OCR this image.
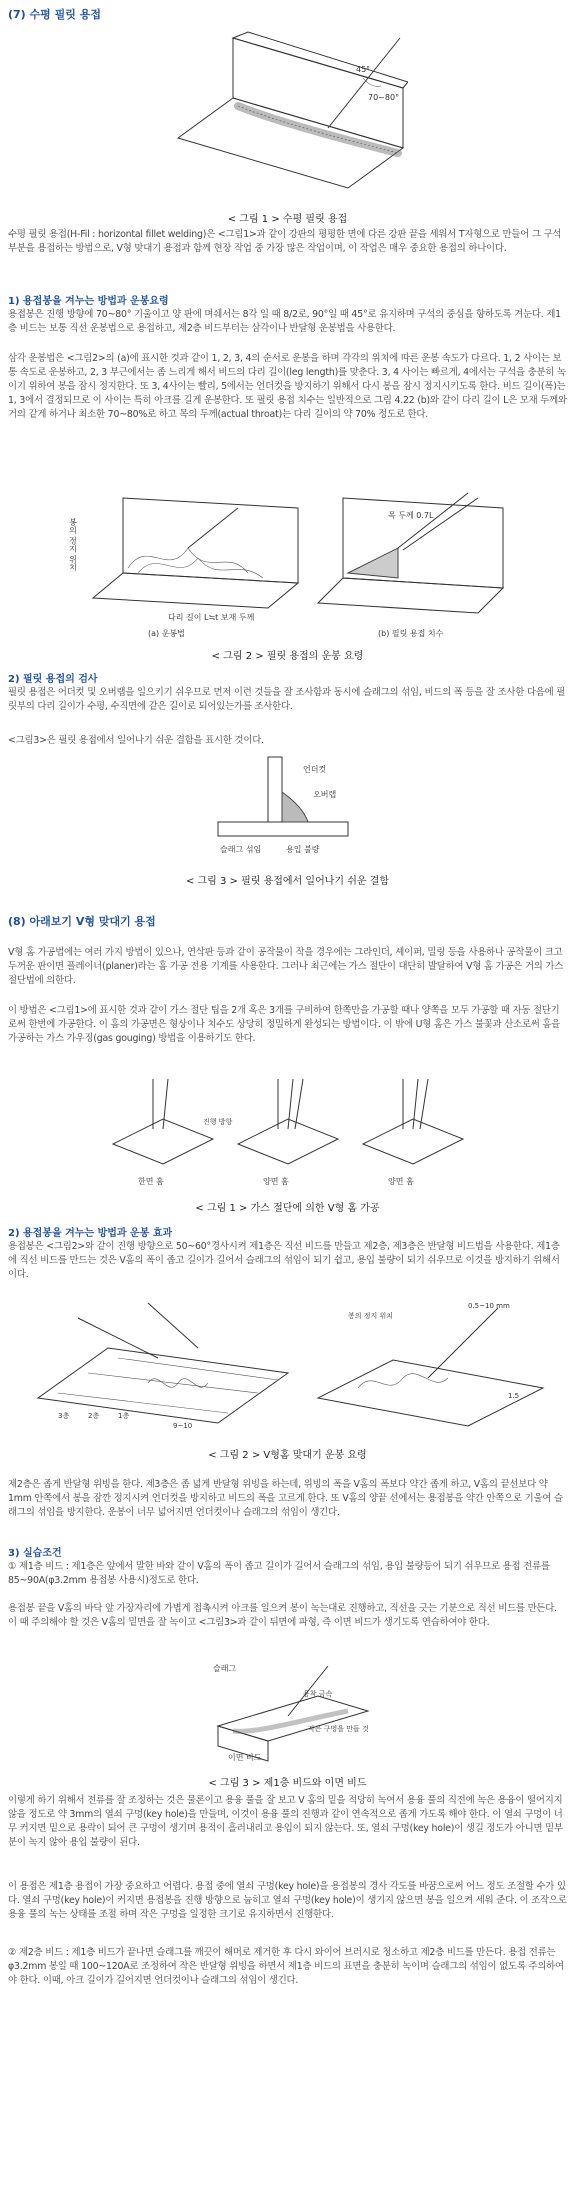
(7) 수평 필릿 용접
45°
70~80°

< 그림 1 > 수평 필릿 용접

수평 필릿 용접(H-Fil : horizontal fillet welding)은 <그림1>과 같이 강판의 평평한 면에 다른 강판 끝을 세워서 T자형으로 만들어 그 구석 부분을 용접하는 방법으로, V형 맞대기 용접과 함께 현장 작업 중 가장 많은 작업이며, 이 작업은 매우 중요한 용접의 하나이다.

1) 용접봉을 겨누는 방법과 운봉요령

용접봉은 진행 방향에 70~80° 기울이고 양 판에 며쉐서는 8각 일 때 8/2로, 90°일 때 45°로 유지하며 구석의 중심을 향하도록 겨눈다. 제1층 비드는 보통 직선 운봉법으로 용접하고, 제2층 비드부터는 삼각이나 반달형 운봉법을 사용한다.

삼각 운봉법은 <그림2>의 (a)에 표시한 것과 같이 1, 2, 3, 4의 순서로 운봉을 하며 각각의 위치에 따른 운봉 속도가 다르다. 1, 2 사이는 보통 속도로 운봉하고, 2, 3 부근에서는 좀 느리게 해서 비드의 다리 길이(leg length)를 맞춘다. 3, 4 사이는 빠르게, 4에서는 구석을 충분히 녹이기 위하여 봉을 잠시 정지한다. 또 3, 4사이는 빨리, 5에서는 언더컷을 방지하기 위해서 다시 봉을 잠시 정지시키도록 한다. 비드 길이(폭)는 1, 3에서 결정되므로 이 사이는 특히 아크를 길게 운봉한다. 또 필릿 용접 치수는 일반적으로 그림 4.22 (b)와 같이 다리 길이 L은 모재 두께와 거의 같게 하거나 최소한 70~80%로 하고 목의 두께(actual throat)는 다리 길이의 약 70% 정도로 한다.

봉의 정지 위치
다리 길이 L≒t 보재 두께
(a) 운봉법
목 두께 0.7L
(b) 필릿 용접 치수

< 그림 2 > 필릿 용접의 운봉 요령

2) 필릿 용접의 검사

필릿 용접은 어더컷 및 오버랩을 일으키기 쉬우므로 먼저 이런 것들을 잘 조사함과 동시에 슬래그의 섞임, 비드의 폭 등을 잘 조사한 다음에 필릿부의 다리 길이가 수평, 수직면에 같은 길이로 되어있는가를 조사한다.

<그림3>은 필릿 용접에서 일어나기 쉬운 결함을 표시한 것이다.

언더컷
오버랩
슬래그 섞임	용입 불량

< 그림 3 > 필릿 용접에서 일어나기 쉬운 결함

(8) 아래보기 V형 맞대기 용접

V형 홈 가공법에는 여러 가지 방법이 있으나, 연삭판 등과 같이 공작물이 작을 경우에는 그라인더, 셰이퍼, 밀링 등을 사용하나 공작물이 크고 두꺼운 판이면 플레이너(planer)라는 홈 가공 전용 기계를 사용한다. 그러나 최근에는 가스 절단이 대단히 발달하여 V형 홈 가공은 거의 가스 절단법에 의한다.

이 방법은 <그림1>에 표시한 것과 같이 가스 절단 팁을 2개 혹은 3개를 구비하여 한쪽만을 가공할 때나 양쪽을 모두 가공할 때 자동 절단기로써 한번에 가공한다. 이 홈의 가공면은 형상이나 치수도 상당히 정밀하게 완성되는 방법이다. 이 밖에 U형 홈은 가스 불꽃과 산소로써 홈을 가공하는 가스 가우징(gas gouging) 방법을 이용하기도 한다.

한면 홈	양면 홈	양면 홈
진행 방향

< 그림 1 > 가스 절단에 의한 V형 홈 가공

2) 용접봉을 겨누는 방법과 운봉 효과

용접봉은 <그림2>와 같이 진행 방향으로 50~60°경사시켜 제1층은 직선 비드를 만들고 제2층, 제3층은 반달형 비드법을 사용한다. 제1층에 직선 비드를 만드는 것은 V홈의 폭이 좁고 길이가 길어서 슬래그의 섞임이 되기 쉽고, 용입 불량이 되기 쉬우므로 이것을 방지하기 위해서이다.

3층	2층	1층
9~10
봉의 정지 위치
0.5~10 mm
1.5

< 그림 2 > V형홈 맞대기 운봉 요령

제2층은 좁게 반달형 위빙을 한다. 제3층은 좀 넓게 반달형 위빙을 하는데, 위빙의 폭을 V홈의 폭보다 약간 좁게 하고, V홈의 끝선보다 약 1mm 안쪽에서 봉을 잠깐 정지시켜 언더컷을 방지하고 비드의 폭을 고르게 한다. 또 V홈의 양끝 선에서는 용접봉을 약간 안쪽으로 기울여 슬래그의 섞임을 방지한다. 운봉이 너무 넓어지면 언더컷이나 슬래그의 섞임이 생긴다.

3) 실습조건

① 제1층 비드 : 제1층은 앞에서 말한 바와 같이 V홈의 폭이 좁고 길이가 길어서 슬래그의 섞임, 용입 불량등이 되기 쉬우므로 용접 전류를 85~90A(φ3.2mm 용접봉 사용시)정도로 한다.

용접봉 끝을 V홈의 바닥 앞 가장자리에 가볍게 접촉시켜 아크를 일으켜 봉이 녹는대로 진행하고, 직선을 긋는 기분으로 직선 비드를 만든다. 이 때 주의해야 할 것은 V홈의 밑면을 잘 녹이고 <그림3>과 같이 뒤면에 파형, 즉 이면 비드가 생기도록 연습하여야 한다.

슬래그
용착 금속
작은 구멍을 만들 것
이면 비드

< 그림 3 > 제1층 비드와 이면 비드

이렇게 하기 위해서 전류를 잘 조정하는 것은 물론이고 용융 풀을 잘 보고 V 홈의 밑을 적당히 녹여서 용융 풀의 직전에 녹은 용융이 떨어지지 않을 정도로 약 3mm의 열쇠 구멍(key hole)을 만들며, 이것이 용융 풀의 진행과 같이 연속적으로 좁게 가도록 해야 한다. 이 열쇠 구멍이 너무 커지면 밑으로 용락이 되어 큰 구멍이 생기며 용적이 흘러내리고 용입이 되지 않는다. 또, 열쇠 구멍(key hole)이 생길 정도가 아니면 밑부분이 녹지 않아 용입 불량이 된다.

이 용접은 제1층 용접이 가장 중요하고 어렵다. 용접 중에 열쇠 구멍(key hole)을 용접봉의 경사 각도를 바꿈으로써 어느 정도 조절할 수가 있다. 열쇠 구멍(key hole)이 커지면 용접봉을 진행 방향으로 눕히고 열쇠 구멍(key hole)이 생기지 않으면 봉을 일으켜 세워 준다. 이 조작으로 용융 풀의 녹는 상태를 조절 하며 작은 구멍을 일정한 크기로 유지하면서 진행한다.

② 제2층 비드 : 제1층 비드가 끝나면 슬래그를 깨끗이 해머로 제거한 후 다시 와이어 브러시로 청소하고 제2층 비드를 만든다. 용접 전류는 φ3.2mm 봉일 때 100~120A로 조정하여 작은 반달형 위빙을 하면서 제1층 비드의 표면을 충분히 녹이며 슬래그의 섞임이 없도록 주의하여야 한다. 이때, 아크 길이가 길어지면 언더컷이나 슬래그의 섞임이 생긴다.
